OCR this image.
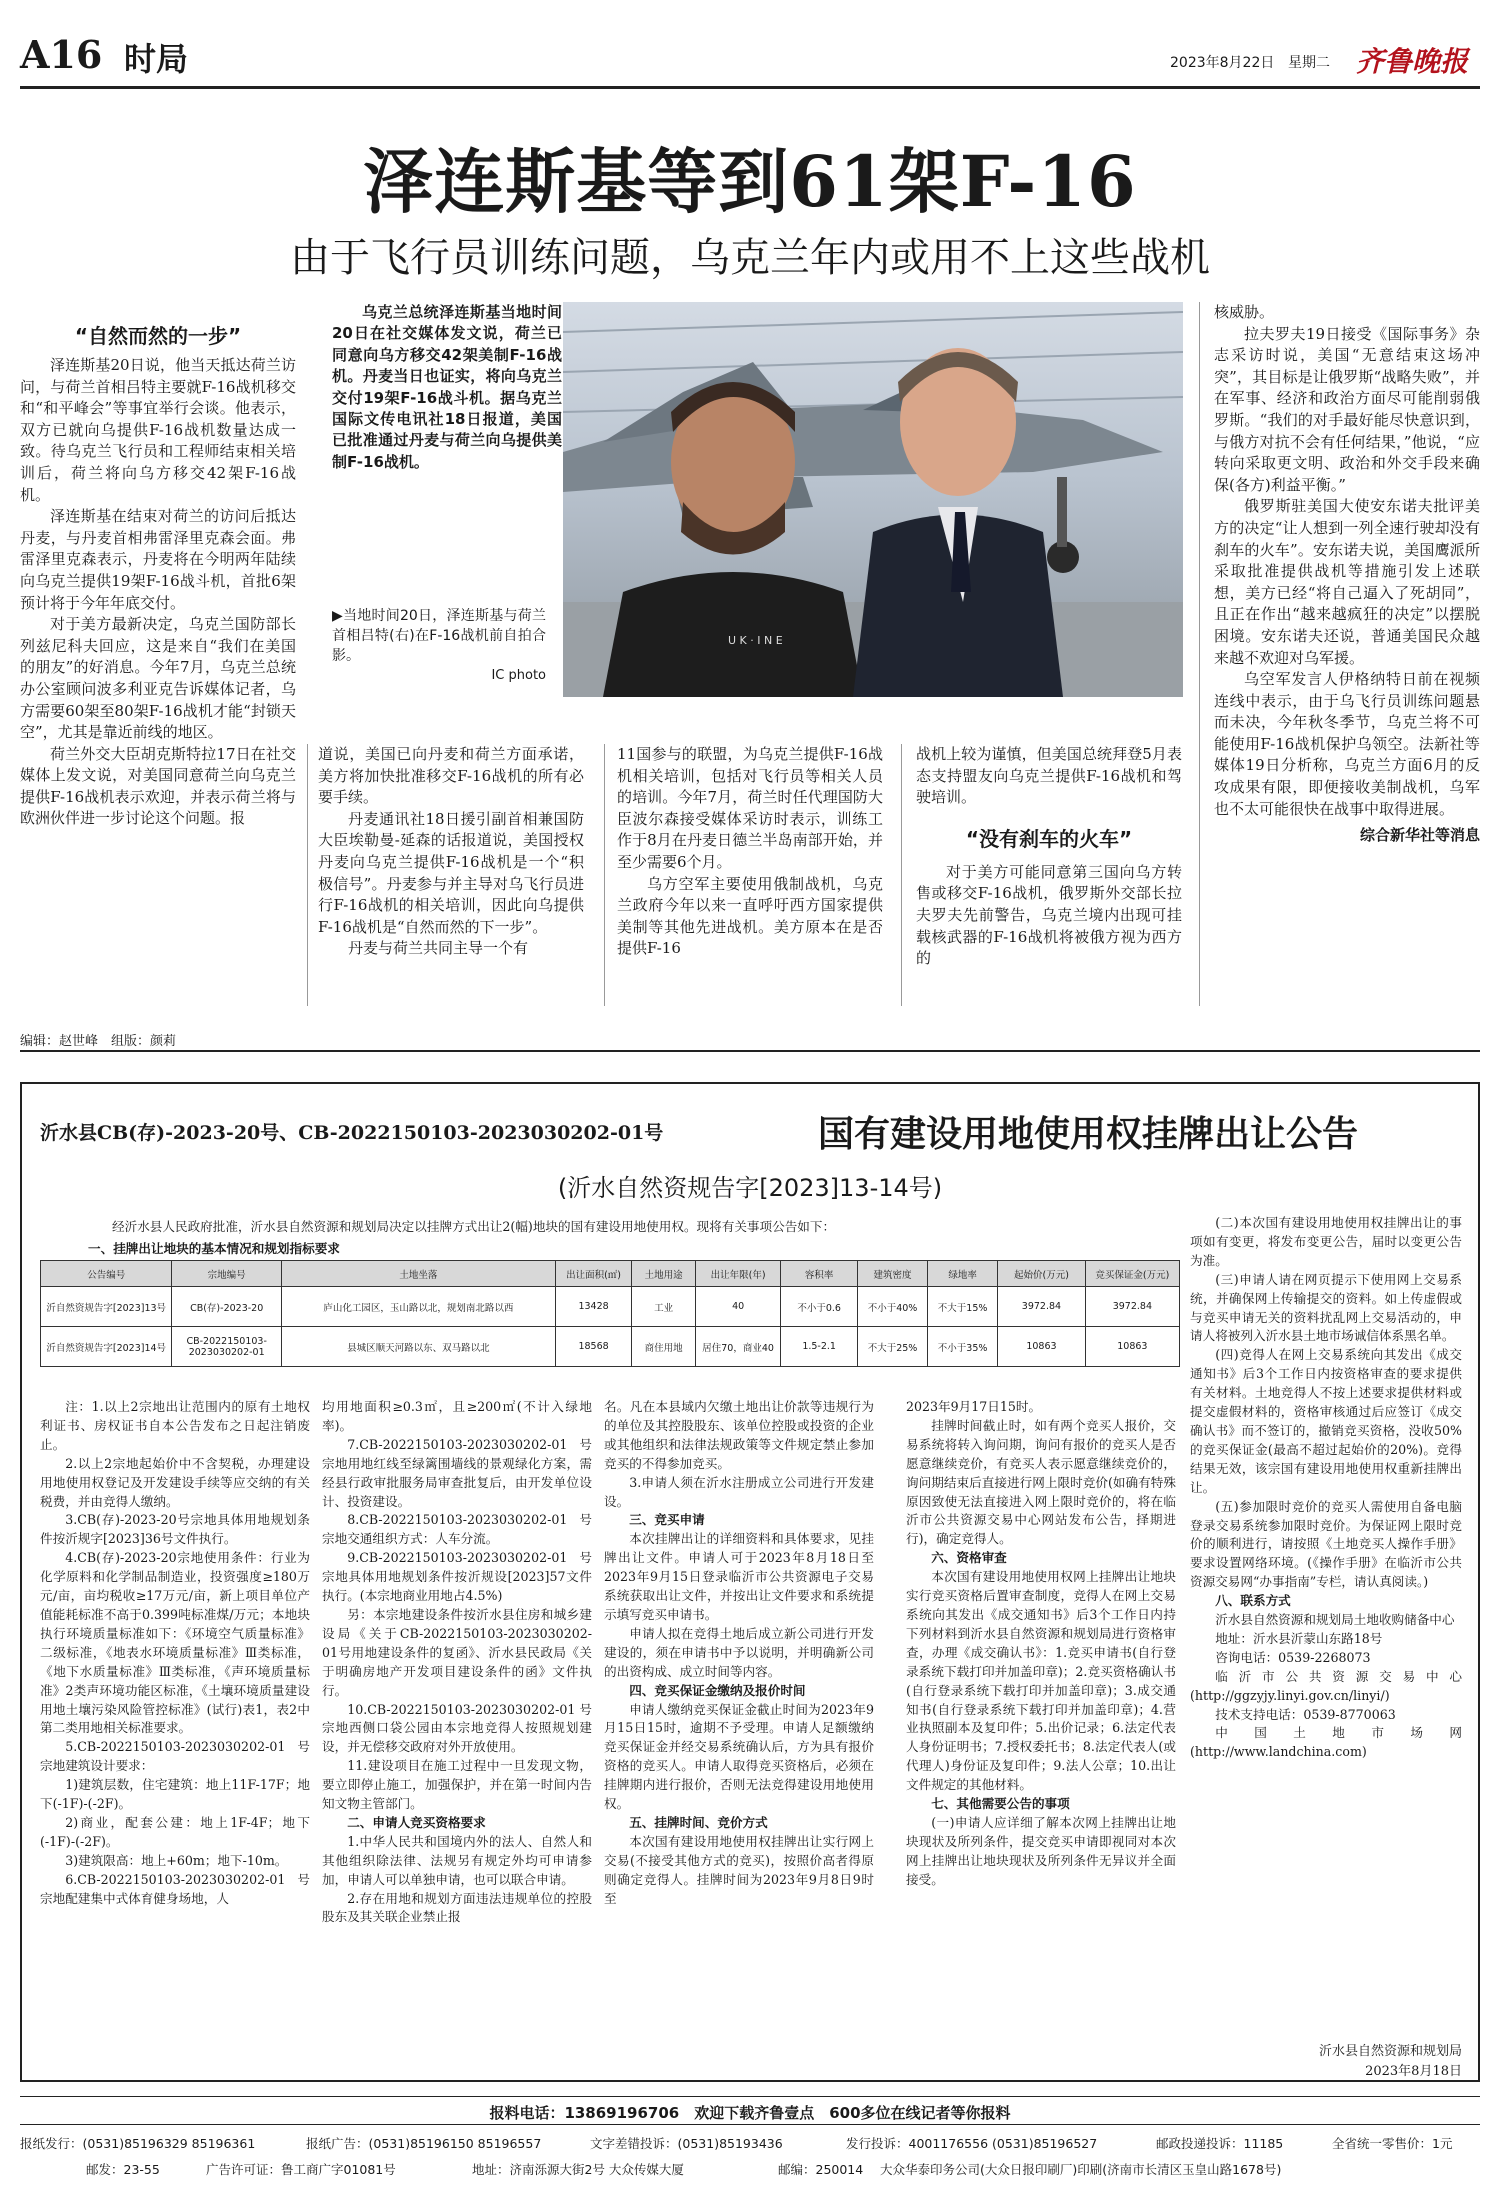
A16 时局	2023年8月22日 星期二 齐鲁晚报
泽连斯基等到61架F-16
由于飞行员训练问题，乌克兰年内或用不上这些战机
“自然而然的一步”

泽连斯基20日说，他当天抵达荷兰访问，与荷兰首相吕特主要就F-16战机移交和“和平峰会”等事宜举行会谈。他表示，双方已就向乌提供F-16战机数量达成一致。待乌克兰飞行员和工程师结束相关培训后，荷兰将向乌方移交42架F-16战机。

泽连斯基在结束对荷兰的访问后抵达丹麦，与丹麦首相弗雷泽里克森会面。弗雷泽里克森表示，丹麦将在今明两年陆续向乌克兰提供19架F-16战斗机，首批6架预计将于今年年底交付。

对于美方最新决定，乌克兰国防部长列兹尼科夫回应，这是来自“我们在美国的朋友”的好消息。今年7月，乌克兰总统办公室顾问波多利亚克告诉媒体记者，乌方需要60架至80架F-16战机才能“封锁天空”，尤其是靠近前线的地区。

荷兰外交大臣胡克斯特拉17日在社交媒体上发文说，对美国同意荷兰向乌克兰提供F-16战机表示欢迎，并表示荷兰将与欧洲伙伴进一步讨论这个问题。报

乌克兰总统泽连斯基当地时间20日在社交媒体发文说，荷兰已同意向乌方移交42架美制F-16战机。丹麦当日也证实，将向乌克兰交付19架F-16战斗机。据乌克兰国际文传电讯社18日报道，美国已批准通过丹麦与荷兰向乌提供美制F-16战机。

▶当地时间20日，泽连斯基与荷兰首相吕特(右)在F-16战机前自拍合影。

IC photo
U K · I N E

核威胁。

拉夫罗夫19日接受《国际事务》杂志采访时说，美国“无意结束这场冲突”，其目标是让俄罗斯“战略失败”，并在军事、经济和政治方面尽可能削弱俄罗斯。“我们的对手最好能尽快意识到，与俄方对抗不会有任何结果，”他说，“应转向采取更文明、政治和外交手段来确保(各方)利益平衡。”

俄罗斯驻美国大使安东诺夫批评美方的决定“让人想到一列全速行驶却没有刹车的火车”。安东诺夫说，美国鹰派所采取批准提供战机等措施引发上述联想，美方已经“将自己逼入了死胡同”，且正在作出“越来越疯狂的决定”以摆脱困境。安东诺夫还说，普通美国民众越来越不欢迎对乌军援。

乌空军发言人伊格纳特日前在视频连线中表示，由于乌飞行员训练问题悬而未决，今年秋冬季节，乌克兰将不可能使用F-16战机保护乌领空。法新社等媒体19日分析称，乌克兰方面6月的反攻成果有限，即便接收美制战机，乌军也不太可能很快在战事中取得进展。

综合新华社等消息

道说，美国已向丹麦和荷兰方面承诺，美方将加快批准移交F-16战机的所有必要手续。

丹麦通讯社18日援引副首相兼国防大臣埃勒曼-延森的话报道说，美国授权丹麦向乌克兰提供F-16战机是一个“积极信号”。丹麦参与并主导对乌飞行员进行F-16战机的相关培训，因此向乌提供F-16战机是“自然而然的下一步”。

丹麦与荷兰共同主导一个有

11国参与的联盟，为乌克兰提供F-16战机相关培训，包括对飞行员等相关人员的培训。今年7月，荷兰时任代理国防大臣波尔森接受媒体采访时表示，训练工作于8月在丹麦日德兰半岛南部开始，并至少需要6个月。

乌方空军主要使用俄制战机，乌克兰政府今年以来一直呼吁西方国家提供美制等其他先进战机。美方原本在是否提供F-16

战机上较为谨慎，但美国总统拜登5月表态支持盟友向乌克兰提供F-16战机和驾驶培训。

“没有刹车的火车”

对于美方可能同意第三国向乌方转售或移交F-16战机，俄罗斯外交部长拉夫罗夫先前警告，乌克兰境内出现可挂载核武器的F-16战机将被俄方视为西方的

编辑：赵世峰　组版：颜莉
沂水县CB(存)-2023-20号、CB-2022150103-2023030202-01号	国有建设用地使用权挂牌出让公告
(沂水自然资规告字[2023]13-14号)
经沂水县人民政府批准，沂水县自然资源和规划局决定以挂牌方式出让2(幅)地块的国有建设用地使用权。现将有关事项公告如下：
一、挂牌出让地块的基本情况和规划指标要求
公告编号	宗地编号	土地坐落	出让面积(㎡)	土地用途	出让年限(年)	容积率	建筑密度	绿地率	起始价(万元)	竞买保证金(万元)
沂自然资规告字[2023]13号	CB(存)-2023-20	庐山化工园区，玉山路以北，规划南北路以西	13428	工业	40	不小于0.6	不小于40%	不大于15%	3972.84	3972.84
沂自然资规告字[2023]14号	CB-2022150103-2023030202-01	县城区顺天河路以东、双马路以北	18568	商住用地	居住70，商业40	1.5-2.1	不大于25%	不小于35%	10863	10863
注：1.以上2宗地出让范围内的原有土地权利证书、房权证书自本公告发布之日起注销废止。
2.以上2宗地起始价中不含契税，办理建设用地使用权登记及开发建设手续等应交纳的有关税费，并由竞得人缴纳。
3.CB(存)-2023-20号宗地具体用地规划条件按沂规字[2023]36号文件执行。
4.CB(存)-2023-20宗地使用条件：行业为化学原料和化学制品制造业，投资强度≥180万元/亩，亩均税收≥17万元/亩，新上项目单位产值能耗标准不高于0.399吨标准煤/万元；本地块执行环境质量标准如下：《环境空气质量标准》二级标准，《地表水环境质量标准》Ⅲ类标准，《地下水质量标准》Ⅲ类标准，《声环境质量标准》2类声环境功能区标准，《土壤环境质量建设用地土壤污染风险管控标准》(试行)表1，表2中第二类用地相关标准要求。
5.CB-2022150103-2023030202-01号宗地建筑设计要求：
1)建筑层数，住宅建筑：地上11F-17F；地下(-1F)-(-2F)。
2)商业，配套公建：地上1F-4F；地下(-1F)-(-2F)。
3)建筑限高：地上+60m；地下-10m。
6.CB-2022150103-2023030202-01号宗地配建集中式体育健身场地，人
均用地面积≥0.3㎡，且≥200㎡(不计入绿地率)。
7.CB-2022150103-2023030202-01号宗地用地红线至绿篱围墙线的景观绿化方案，需经县行政审批服务局审查批复后，由开发单位设计、投资建设。
8.CB-2022150103-2023030202-01号宗地交通组织方式：人车分流。
9.CB-2022150103-2023030202-01号宗地具体用地规划条件按沂规设[2023]57文件执行。(本宗地商业用地占4.5%)
另：本宗地建设条件按沂水县住房和城乡建设局《关于CB-2022150103-2023030202-01号用地建设条件的复函》、沂水县民政局《关于明确房地产开发项目建设条件的函》文件执行。
10.CB-2022150103-2023030202-01号宗地西侧口袋公园由本宗地竞得人按照规划建设，并无偿移交政府对外开放使用。
11.建设项目在施工过程中一旦发现文物，要立即停止施工，加强保护，并在第一时间内告知文物主管部门。
二、申请人竞买资格要求
1.中华人民共和国境内外的法人、自然人和其他组织除法律、法规另有规定外均可申请参加，申请人可以单独申请，也可以联合申请。
2.存在用地和规划方面违法违规单位的控股股东及其关联企业禁止报
名。凡在本县域内欠缴土地出让价款等违规行为的单位及其控股股东、该单位控股或投资的企业或其他组织和法律法规政策等文件规定禁止参加竞买的不得参加竞买。
3.申请人须在沂水注册成立公司进行开发建设。
三、竞买申请
本次挂牌出让的详细资料和具体要求，见挂牌出让文件。申请人可于2023年8月18日至2023年9月15日登录临沂市公共资源电子交易系统获取出让文件，并按出让文件要求和系统提示填写竞买申请书。
申请人拟在竞得土地后成立新公司进行开发建设的，须在申请书中予以说明，并明确新公司的出资构成、成立时间等内容。
四、竞买保证金缴纳及报价时间
申请人缴纳竞买保证金截止时间为2023年9月15日15时，逾期不予受理。申请人足额缴纳竞买保证金并经交易系统确认后，方为具有报价资格的竞买人。申请人取得竞买资格后，必须在挂牌期内进行报价，否则无法竞得建设用地使用权。
五、挂牌时间、竞价方式
本次国有建设用地使用权挂牌出让实行网上交易(不接受其他方式的竞买)，按照价高者得原则确定竞得人。挂牌时间为2023年9月8日9时至
2023年9月17日15时。
挂牌时间截止时，如有两个竞买人报价，交易系统将转入询问期，询问有报价的竞买人是否愿意继续竞价，有竞买人表示愿意继续竞价的，询问期结束后直接进行网上限时竞价(如确有特殊原因致使无法直接进入网上限时竞价的，将在临沂市公共资源交易中心网站发布公告，择期进行)，确定竞得人。
六、资格审查
本次国有建设用地使用权网上挂牌出让地块实行竞买资格后置审查制度，竞得人在网上交易系统向其发出《成交通知书》后3个工作日内持下列材料到沂水县自然资源和规划局进行资格审查，办理《成交确认书》：1.竞买申请书(自行登录系统下载打印并加盖印章)；2.竞买资格确认书(自行登录系统下载打印并加盖印章)；3.成交通知书(自行登录系统下载打印并加盖印章)；4.营业执照副本及复印件；5.出价记录；6.法定代表人身份证明书；7.授权委托书；8.法定代表人(或代理人)身份证及复印件；9.法人公章；10.出让文件规定的其他材料。
七、其他需要公告的事项
(一)申请人应详细了解本次网上挂牌出让地块现状及所列条件，提交竞买申请即视同对本次网上挂牌出让地块现状及所列条件无异议并全面接受。
(二)本次国有建设用地使用权挂牌出让的事项如有变更，将发布变更公告，届时以变更公告为准。
(三)申请人请在网页提示下使用网上交易系统，并确保网上传输提交的资料。如上传虚假或与竞买申请无关的资料扰乱网上交易活动的，申请人将被列入沂水县土地市场诚信体系黑名单。
(四)竞得人在网上交易系统向其发出《成交通知书》后3个工作日内按资格审查的要求提供有关材料。土地竞得人不按上述要求提供材料或提交虚假材料的，资格审核通过后应签订《成交确认书》而不签订的，撤销竞买资格，没收50%的竞买保证金(最高不超过起始价的20%)。竞得结果无效，该宗国有建设用地使用权重新挂牌出让。
(五)参加限时竞价的竞买人需使用自备电脑登录交易系统参加限时竞价。为保证网上限时竞价的顺利进行，请按照《土地竞买人操作手册》要求设置网络环境。(《操作手册》在临沂市公共资源交易网“办事指南”专栏，请认真阅读。)
八、联系方式
沂水县自然资源和规划局土地收购储备中心
地址：沂水县沂蒙山东路18号
咨询电话：0539-2268073
临沂市公共资源交易中心(http://ggzyjy.linyi.gov.cn/linyi/)
技术支持电话：0539-8770063
中国土地市场网(http://www.landchina.com)
沂水县自然资源和规划局
2023年8月18日
报料电话：13869196706　欢迎下载齐鲁壹点　600多位在线记者等你报料
报纸发行：(0531)85196329 85196361	报纸广告：(0531)85196150 85196557	文字差错投诉：(0531)85193436	发行投诉：4001176556 (0531)85196527	邮政投递投诉：11185	全省统一零售价：1元
邮发：23-55	广告许可证：鲁工商广字01081号	地址：济南泺源大街2号 大众传媒大厦	邮编：250014 大众华泰印务公司(大众日报印刷厂)印刷(济南市长清区玉皇山路1678号)
